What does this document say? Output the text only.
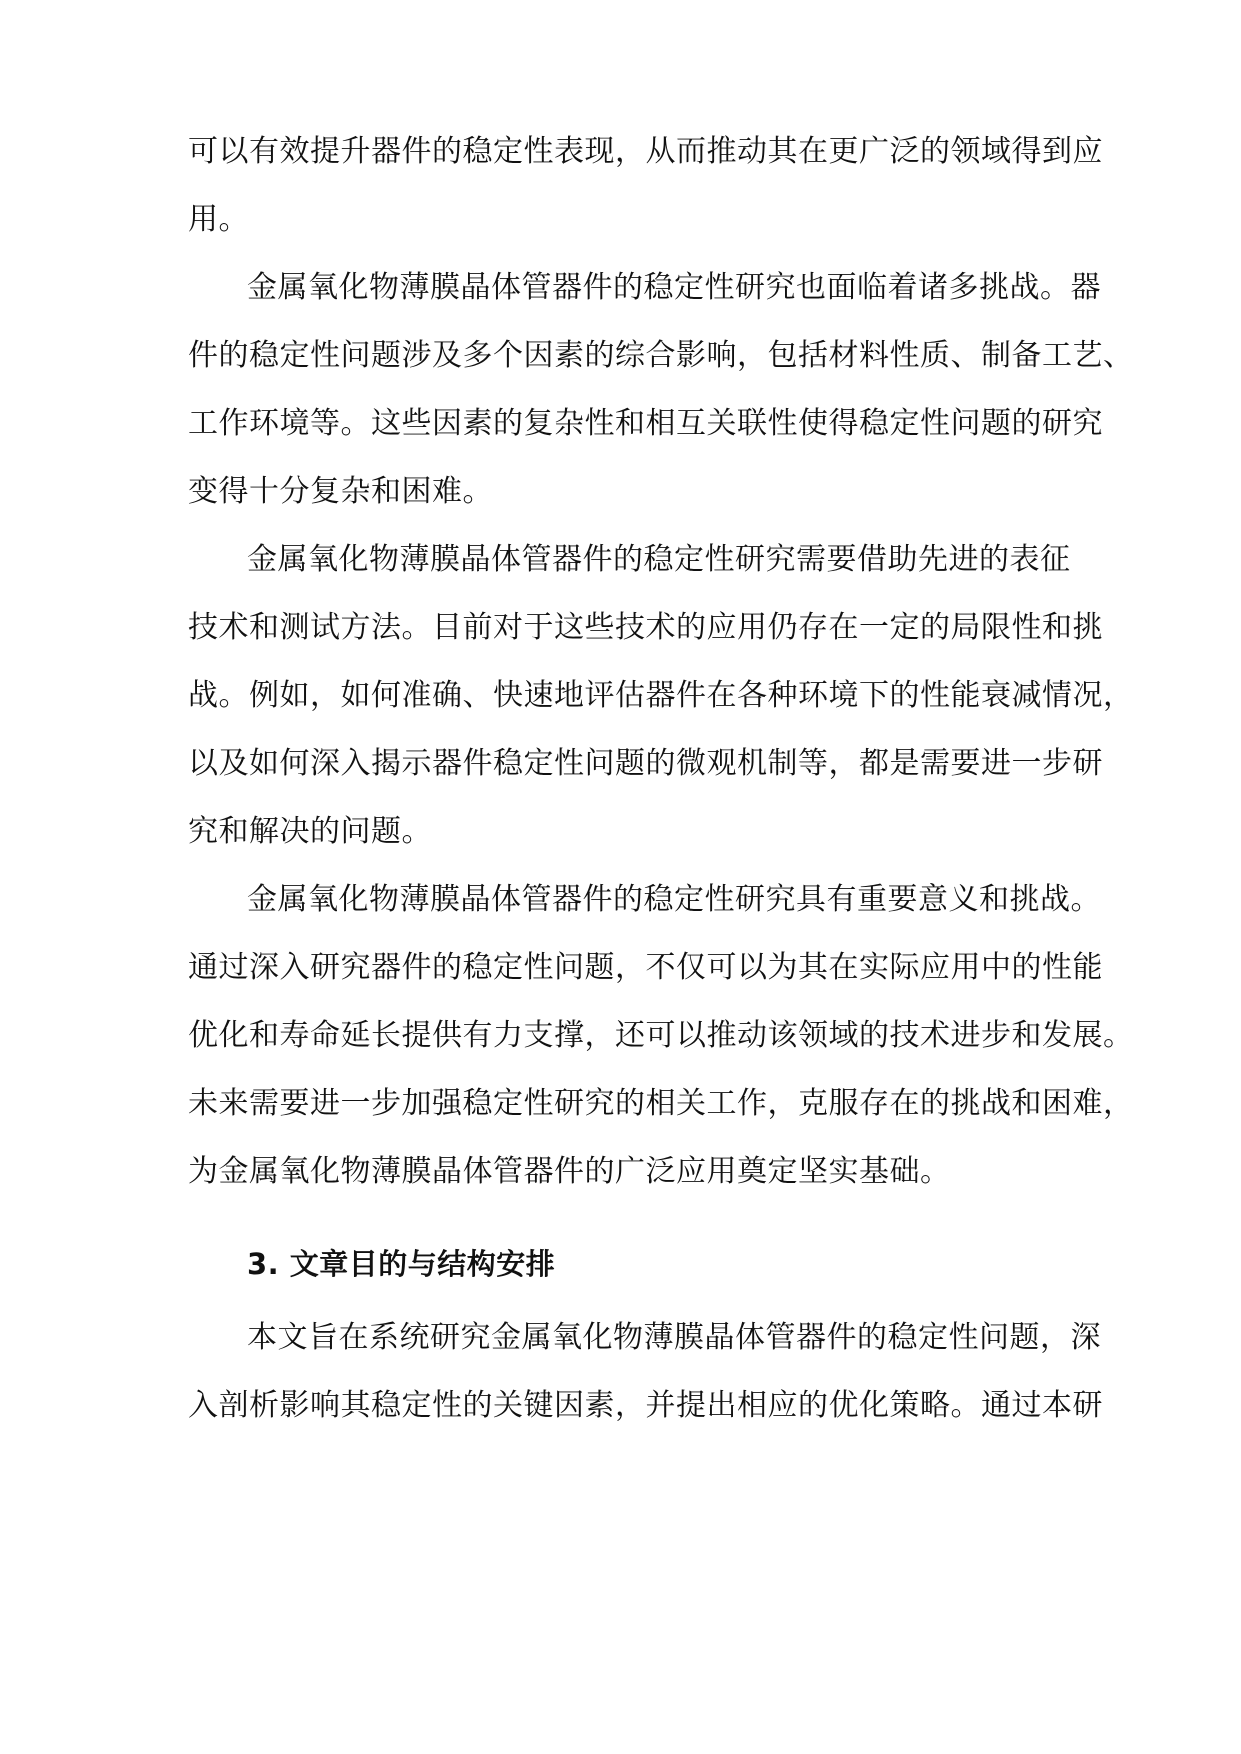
可以有效提升器件的稳定性表现，从而推动其在更广泛的领域得到应
用。
金属氧化物薄膜晶体管器件的稳定性研究也面临着诸多挑战。器
件的稳定性问题涉及多个因素的综合影响，包括材料性质、制备工艺、
工作环境等。这些因素的复杂性和相互关联性使得稳定性问题的研究
变得十分复杂和困难。
金属氧化物薄膜晶体管器件的稳定性研究需要借助先进的表征
技术和测试方法。目前对于这些技术的应用仍存在一定的局限性和挑
战。例如，如何准确、快速地评估器件在各种环境下的性能衰减情况，
以及如何深入揭示器件稳定性问题的微观机制等，都是需要进一步研
究和解决的问题。
金属氧化物薄膜晶体管器件的稳定性研究具有重要意义和挑战。
通过深入研究器件的稳定性问题，不仅可以为其在实际应用中的性能
优化和寿命延长提供有力支撑，还可以推动该领域的技术进步和发展。
未来需要进一步加强稳定性研究的相关工作，克服存在的挑战和困难，
为金属氧化物薄膜晶体管器件的广泛应用奠定坚实基础。
3. 文章目的与结构安排
本文旨在系统研究金属氧化物薄膜晶体管器件的稳定性问题，深
入剖析影响其稳定性的关键因素，并提出相应的优化策略。通过本研
